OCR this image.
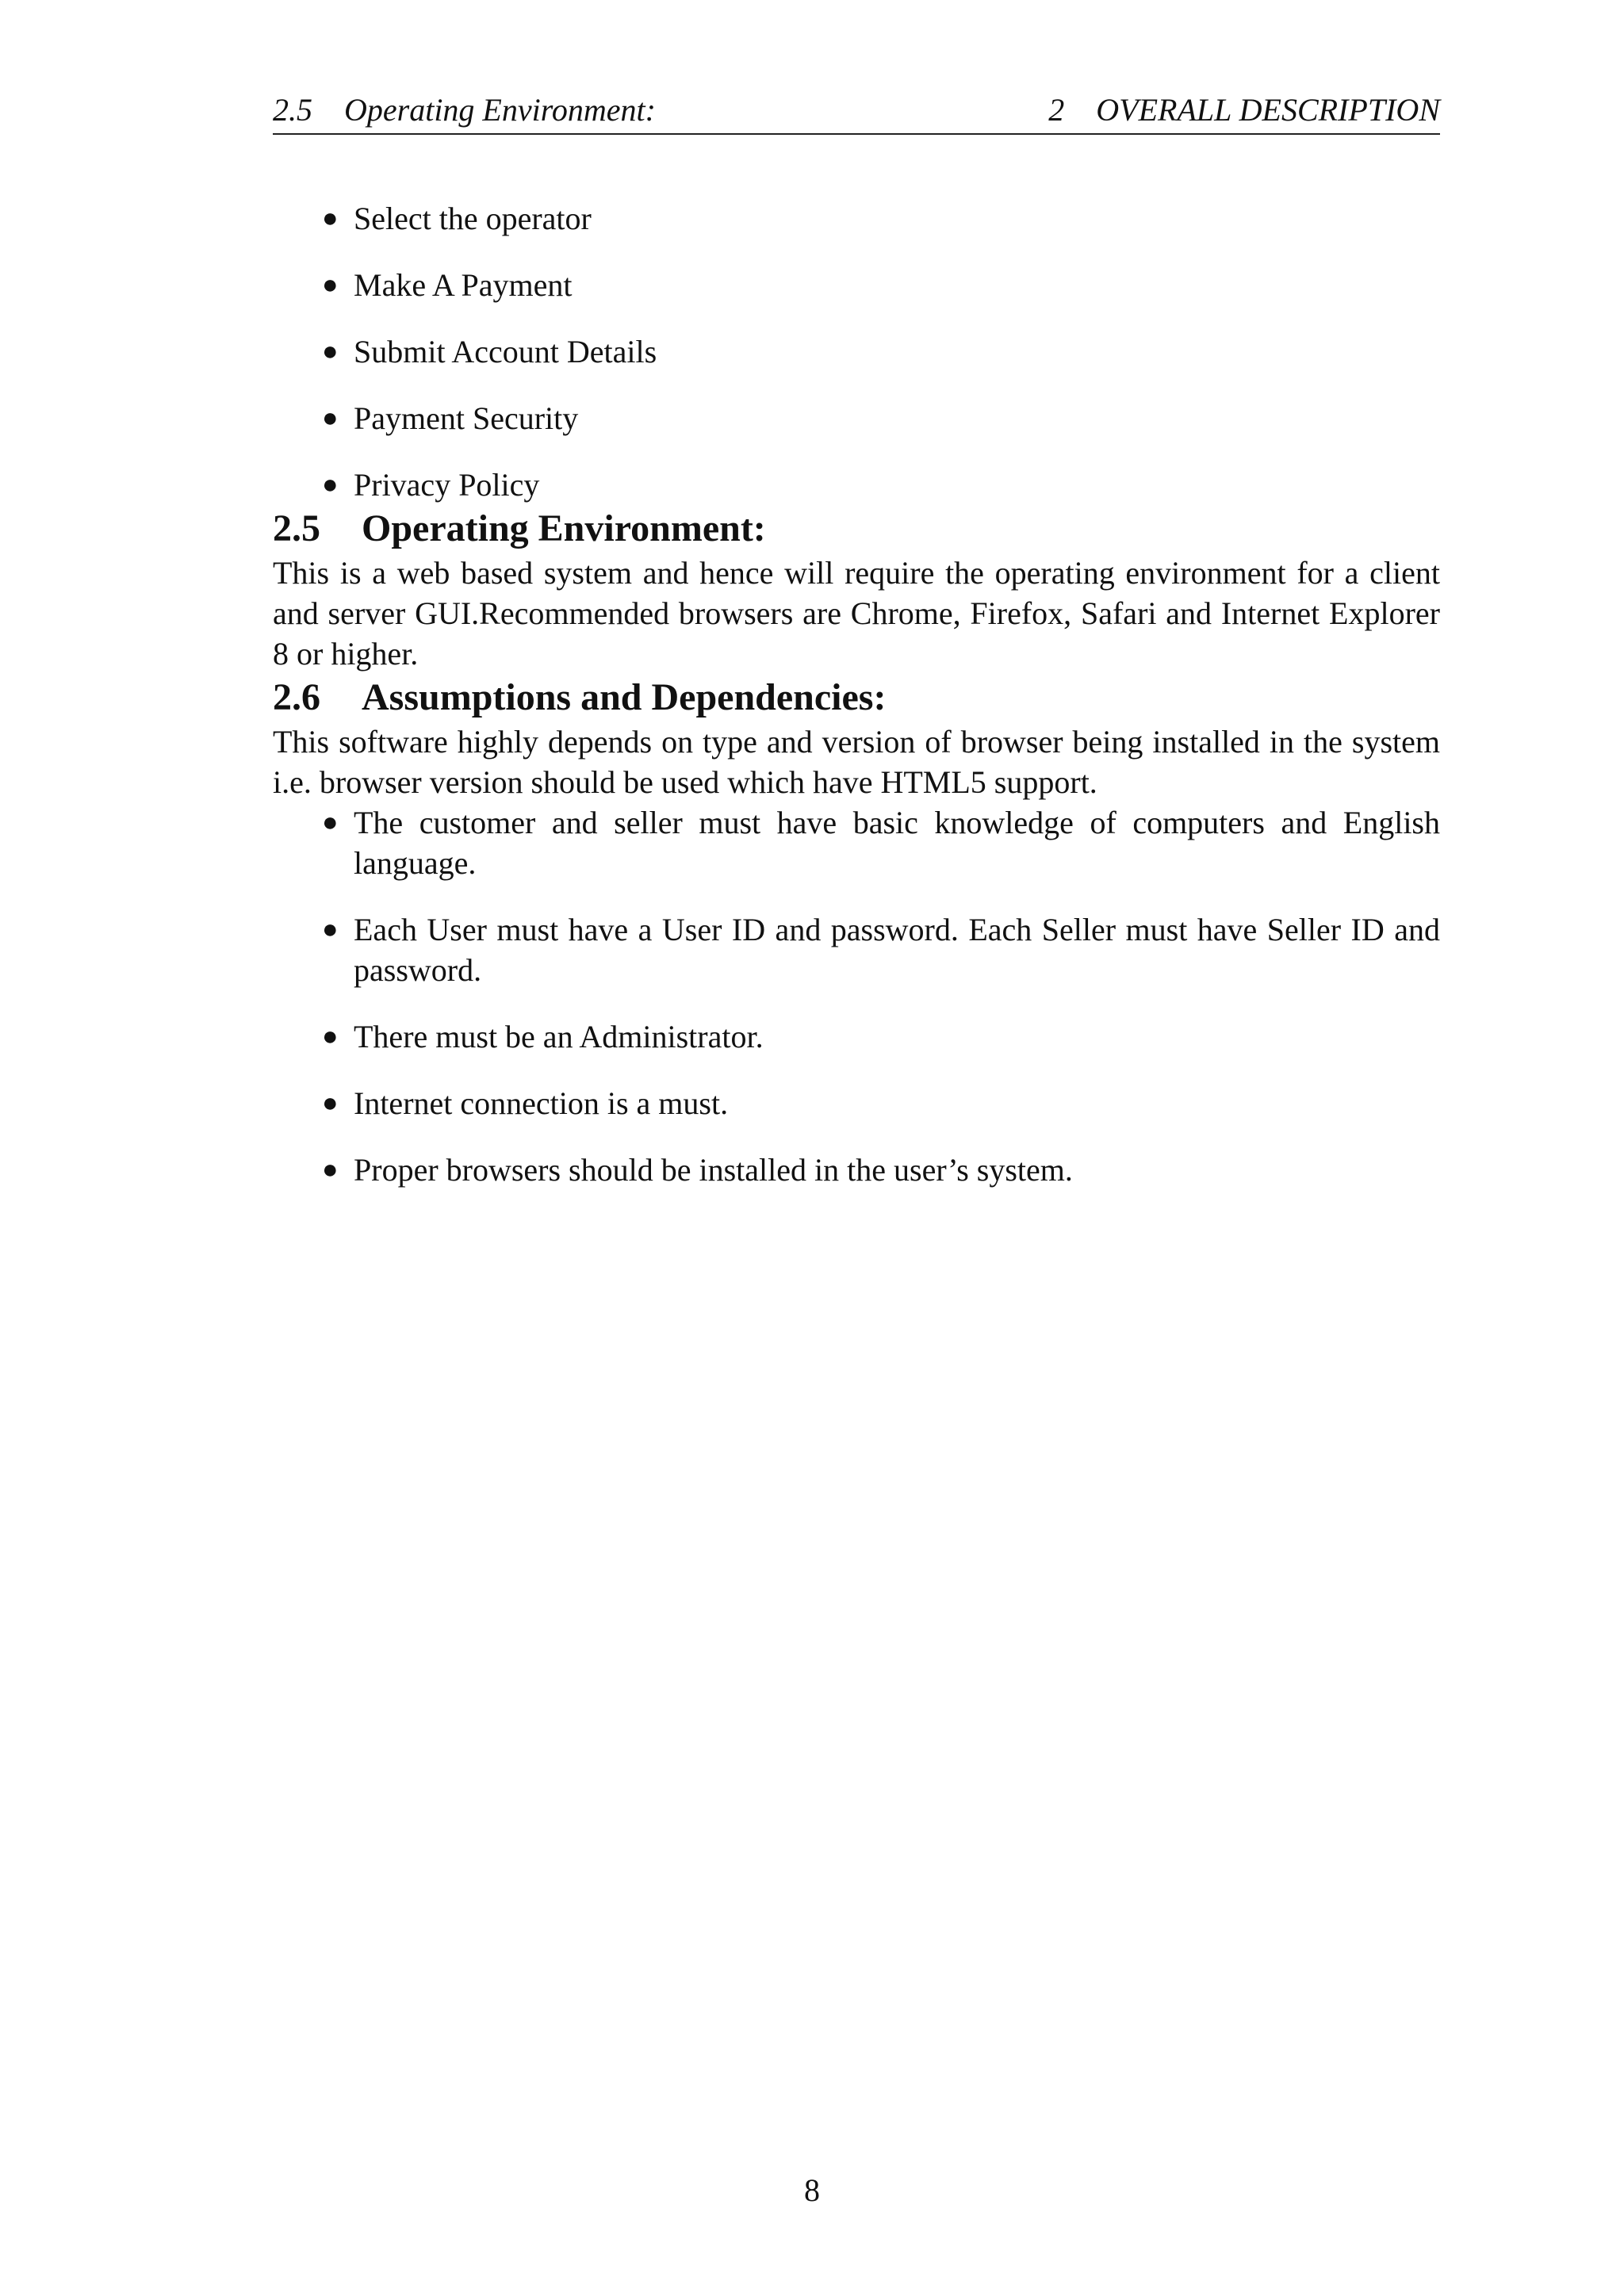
2.5 Operating Environment:	2 OVERALL DESCRIPTION
● Select the operator
● Make A Payment
● Submit Account Details
● Payment Security
● Privacy Policy
2.5 Operating Environment:

This is a web based system and hence will require the operating environment for a client and server GUI.Recommended browsers are Chrome, Firefox, Safari and Internet Explorer 8 or higher.

2.6 Assumptions and Dependencies:

This software highly depends on type and version of browser being installed in the system i.e. browser version should be used which have HTML5 support.

● The customer and seller must have basic knowledge of computers and English language.
● Each User must have a User ID and password. Each Seller must have Seller ID and password.
● There must be an Administrator.
● Internet connection is a must.
● Proper browsers should be installed in the user’s system.
8
